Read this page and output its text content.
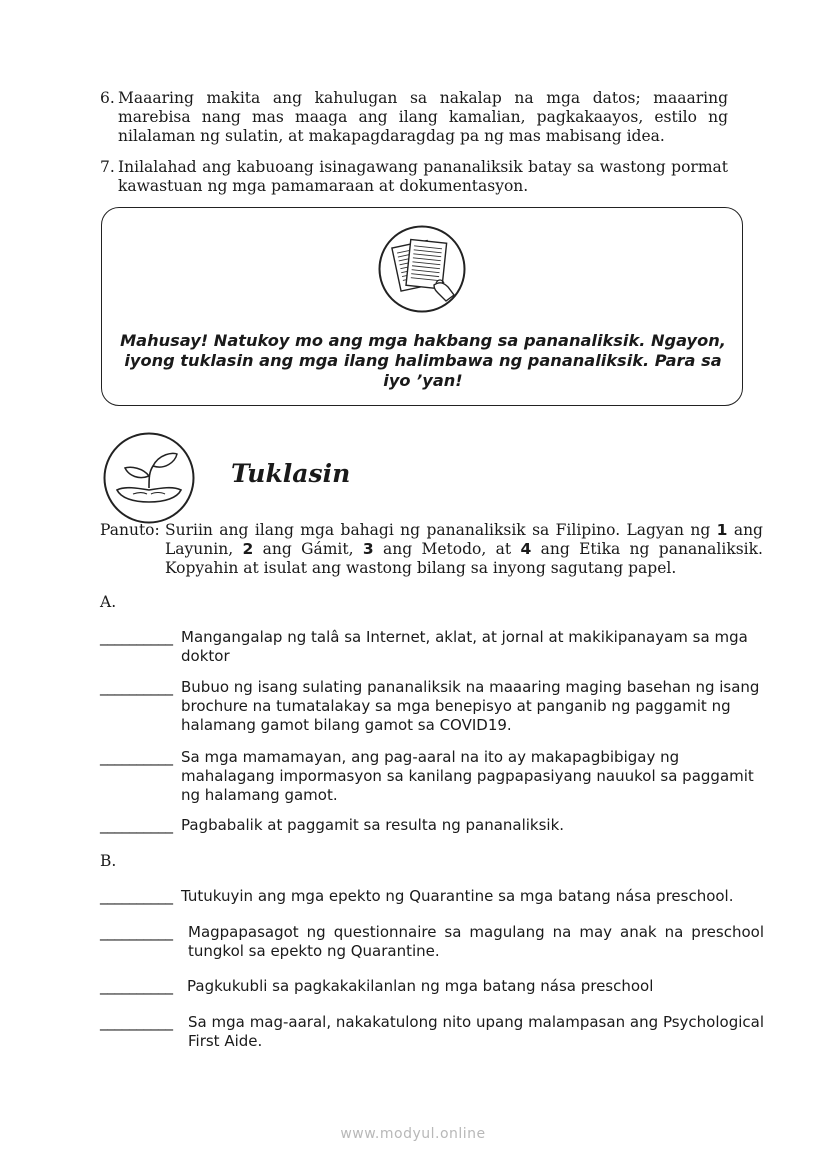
6. Maaaring makita ang kahulugan sa nakalap na mga datos; maaaring marebisa nang mas maaga ang ilang kamalian, pagkakaayos, estilo ng nilalaman ng sulatin, at makapagdaragdag pa ng mas mabisang idea.
7. Inilalahad ang kabuoang isinagawang pananaliksik batay sa wastong pormat kawastuan ng mga pamamaraan at dokumentasyon.
Mahusay! Natukoy mo ang mga hakbang sa pananaliksik. Ngayon,
iyong tuklasin ang mga ilang halimbawa ng pananaliksik. Para sa
iyo ’yan!
Tuklasin
Panuto: Suriin ang ilang mga bahagi ng pananaliksik sa Filipino. Lagyan ng 1 ang Layunin, 2 ang Gámit, 3 ang Metodo, at 4 ang Etika ng pananaliksik. Kopyahin at isulat ang wastong bilang sa inyong sagutang papel.
A.
__________ Mangangalap ng talâ sa Internet, aklat, at jornal at makikipanayam sa mga doktor
__________ Bubuo ng isang sulating pananaliksik na maaaring maging basehan ng isang brochure na tumatalakay sa mga benepisyo at panganib ng paggamit ng halamang gamot bilang gamot sa COVID19.
__________ Sa mga mamamayan, ang pag-aaral na ito ay makapagbibigay ng mahalagang impormasyon sa kanilang pagpapasiyang nauukol sa paggamit ng halamang gamot.
__________ Pagbabalik at paggamit sa resulta ng pananaliksik.
B.
__________ Tutukuyin ang mga epekto ng Quarantine sa mga batang nása preschool.
__________ Magpapasagot ng questionnaire sa magulang na may anak na preschool tungkol sa epekto ng Quarantine.
__________ Pagkukubli sa pagkakakilanlan ng mga batang nása preschool
__________ Sa mga mag-aaral, nakakatulong nito upang malampasan ang Psychological First Aide.
www.modyul.online
